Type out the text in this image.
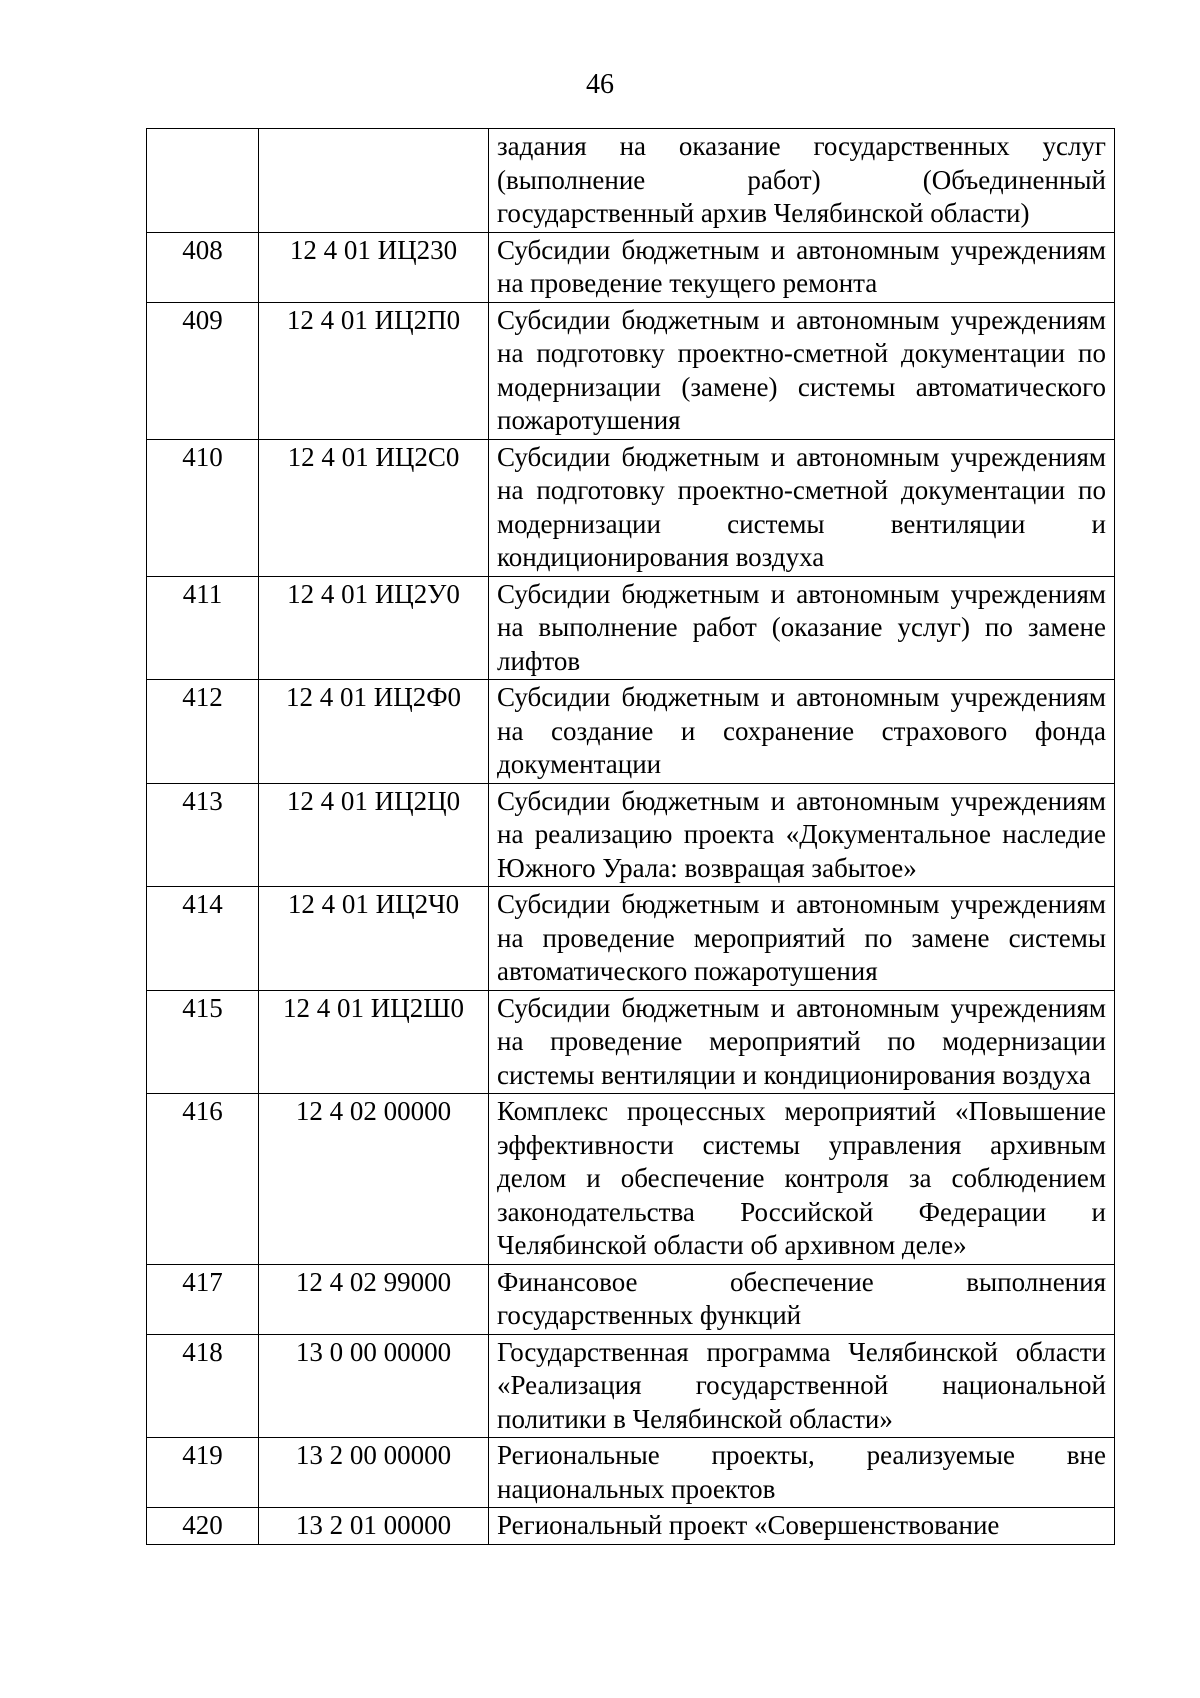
46
		задания на оказание государственных услуг (выполнение работ) (Объединенный государственный архив Челябинской области)
408	12 4 01 ИЦ230	Субсидии бюджетным и автономным учреждениям на проведение текущего ремонта
409	12 4 01 ИЦ2П0	Субсидии бюджетным и автономным учреждениям на подготовку проектно-сметной документации по модернизации (замене) системы автоматического пожаротушения
410	12 4 01 ИЦ2С0	Субсидии бюджетным и автономным учреждениям на подготовку проектно-сметной документации по модернизации системы вентиляции и кондиционирования воздуха
411	12 4 01 ИЦ2У0	Субсидии бюджетным и автономным учреждениям на выполнение работ (оказание услуг) по замене лифтов
412	12 4 01 ИЦ2Ф0	Субсидии бюджетным и автономным учреждениям на создание и сохранение страхового фонда документации
413	12 4 01 ИЦ2Ц0	Субсидии бюджетным и автономным учреждениям на реализацию проекта «Документальное наследие Южного Урала: возвращая забытое»
414	12 4 01 ИЦ2Ч0	Субсидии бюджетным и автономным учреждениям на проведение мероприятий по замене системы автоматического пожаротушения
415	12 4 01 ИЦ2Ш0	Субсидии бюджетным и автономным учреждениям на проведение мероприятий по модернизации системы вентиляции и кондиционирования воздуха
416	12 4 02 00000	Комплекс процессных мероприятий «Повышение эффективности системы управления архивным делом и обеспечение контроля за соблюдением законодательства Российской Федерации и Челябинской области об архивном деле»
417	12 4 02 99000	Финансовое обеспечение выполнения государственных функций
418	13 0 00 00000	Государственная программа Челябинской области «Реализация государственной национальной политики в Челябинской области»
419	13 2 00 00000	Региональные проекты, реализуемые вне национальных проектов
420	13 2 01 00000	Региональный проект «Совершенствование
